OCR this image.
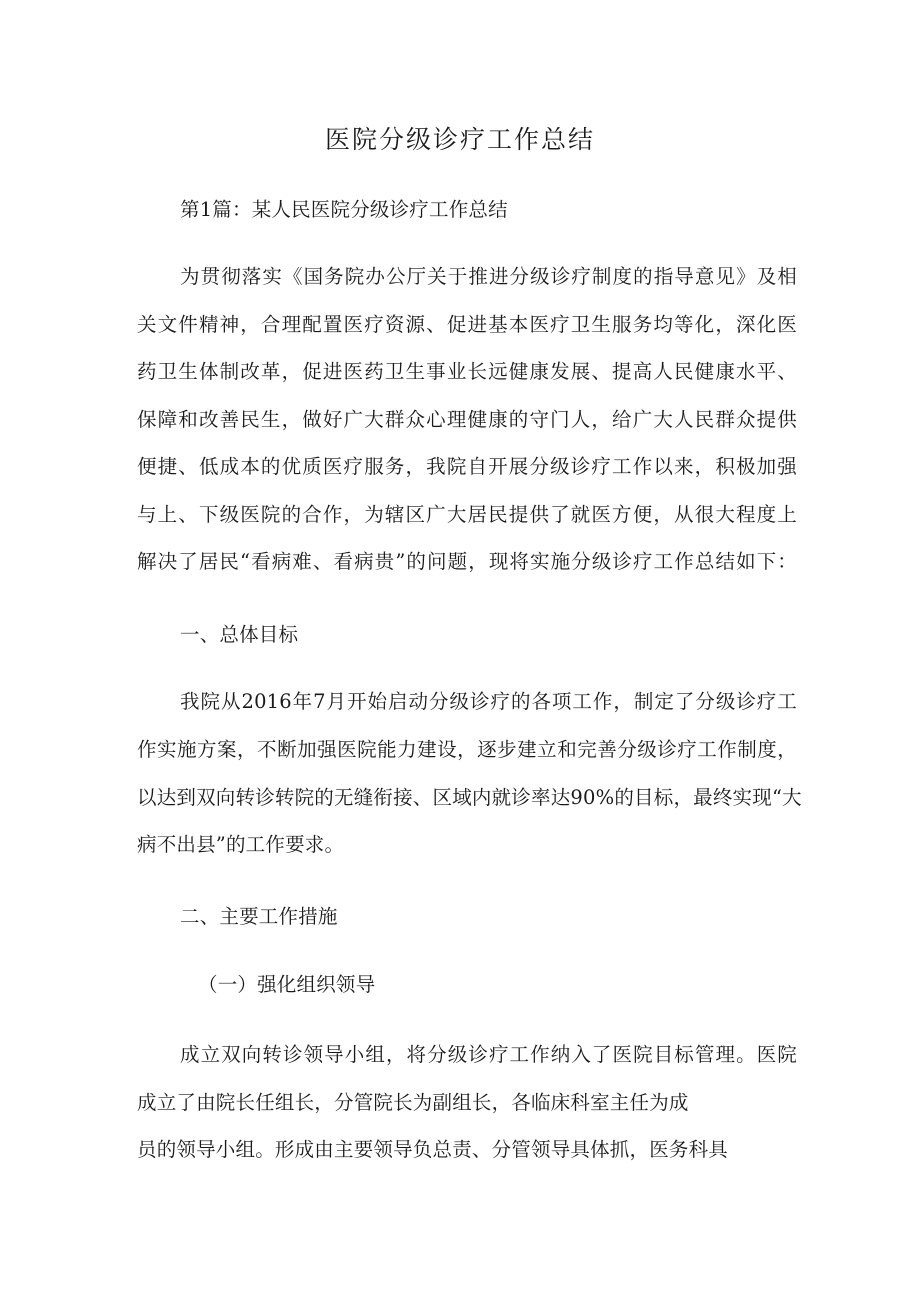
医院分级诊疗工作总结
第1篇：某人民医院分级诊疗工作总结
为贯彻落实《国务院办公厅关于推进分级诊疗制度的指导意见》及相
关文件精神，合理配置医疗资源、促进基本医疗卫生服务均等化，深化医
药卫生体制改革，促进医药卫生事业长远健康发展、提高人民健康水平、
保障和改善民生，做好广大群众心理健康的守门人，给广大人民群众提供
便捷、低成本的优质医疗服务，我院自开展分级诊疗工作以来，积极加强
与上、下级医院的合作，为辖区广大居民提供了就医方便，从很大程度上
解决了居民“看病难、看病贵”的问题，现将实施分级诊疗工作总结如下：
一、总体目标
我院从2016年7月开始启动分级诊疗的各项工作，制定了分级诊疗工
作实施方案，不断加强医院能力建设，逐步建立和完善分级诊疗工作制度，
以达到双向转诊转院的无缝衔接、区域内就诊率达90%的目标，最终实现“大
病不出县”的工作要求。
二、主要工作措施
（一）强化组织领导
成立双向转诊领导小组，将分级诊疗工作纳入了医院目标管理。医院
成立了由院长任组长，分管院长为副组长，各临床科室主任为成
员的领导小组。形成由主要领导负总责、分管领导具体抓，医务科具
